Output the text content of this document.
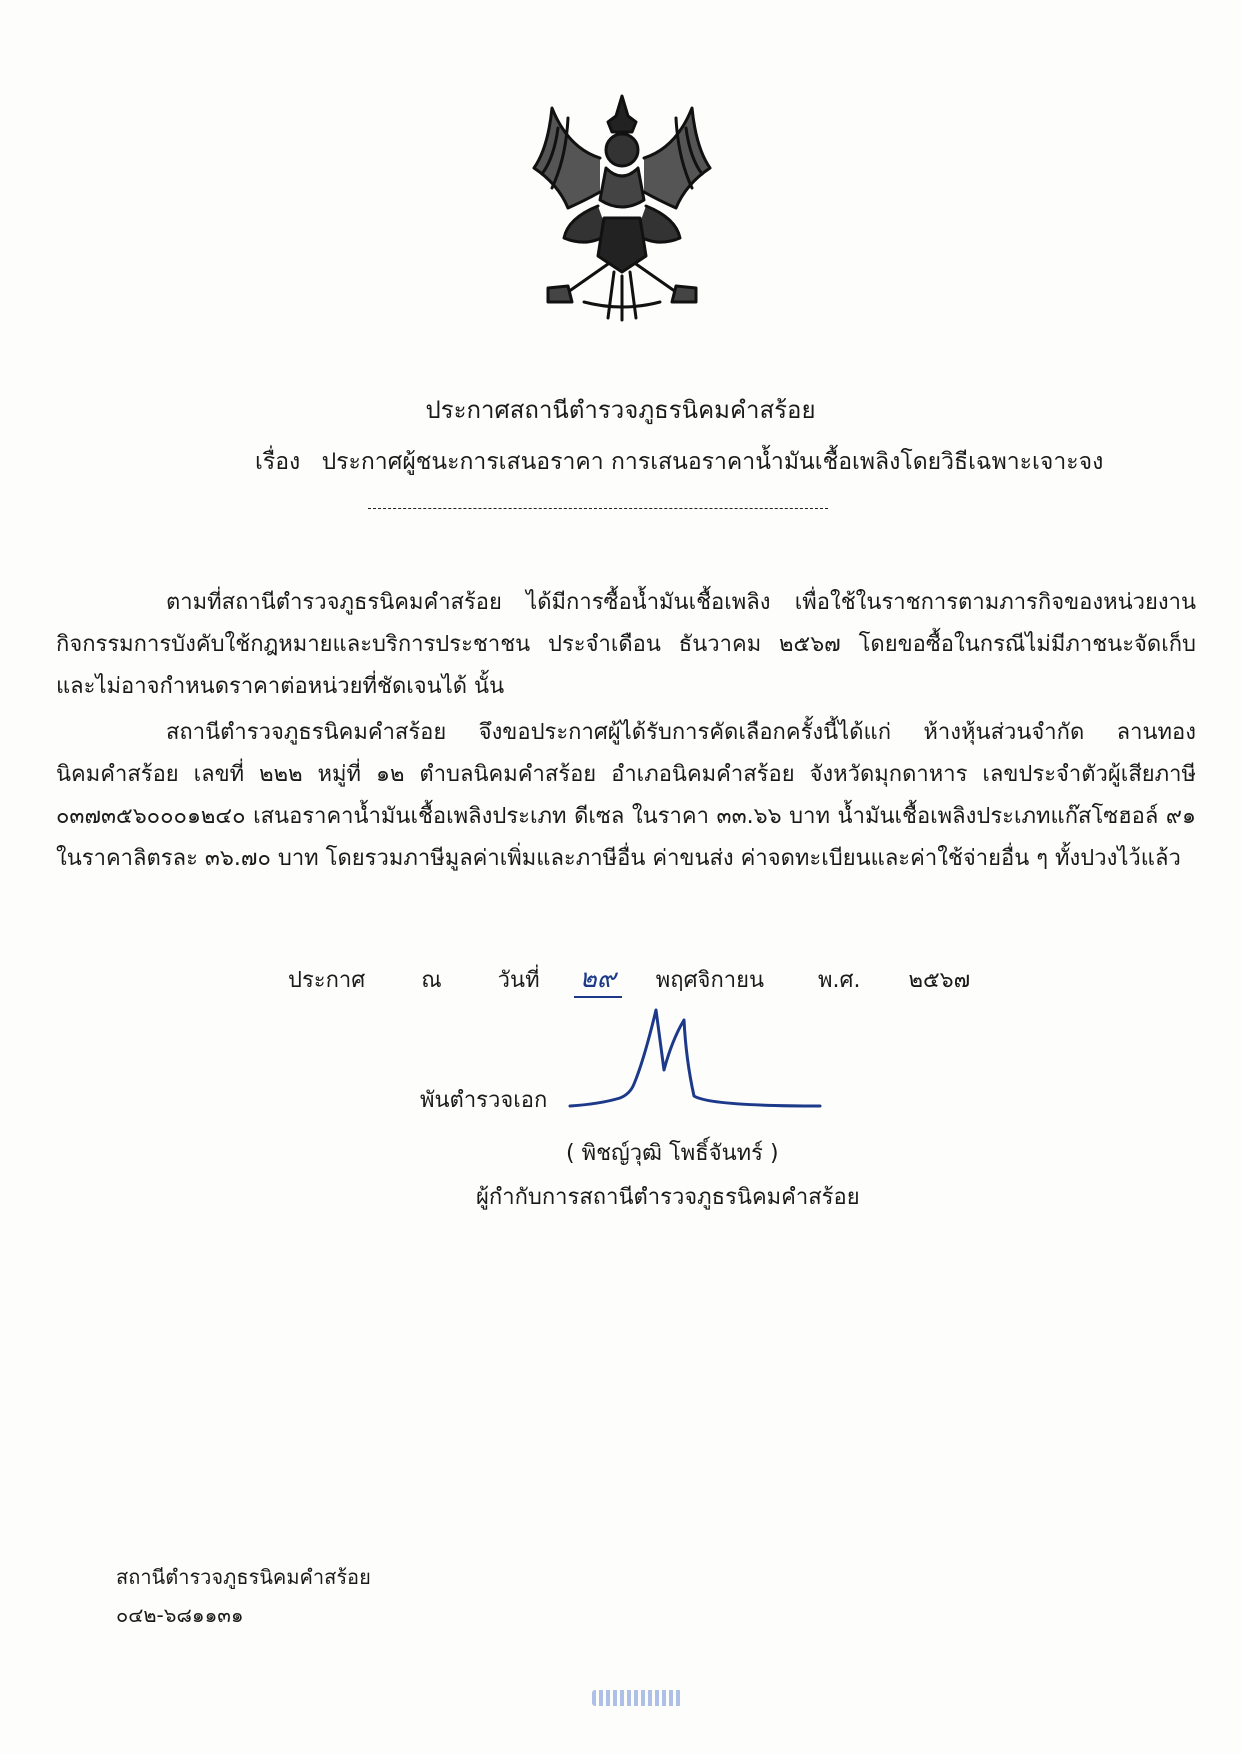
ประกาศสถานีตำรวจภูธรนิคมคำสร้อย
เรื่อง ประกาศผู้ชนะการเสนอราคา การเสนอราคาน้ำมันเชื้อเพลิงโดยวิธีเฉพาะเจาะจง

ตามที่สถานีตำรวจภูธรนิคมคำสร้อย ได้มีการซื้อน้ำมันเชื้อเพลิง เพื่อใช้ในราชการตามภารกิจของหน่วยงาน กิจกรรมการบังคับใช้กฎหมายและบริการประชาชน ประจำเดือน ธันวาคม ๒๕๖๗ โดยขอซื้อในกรณีไม่มีภาชนะจัดเก็บ และไม่อาจกำหนดราคาต่อหน่วยที่ชัดเจนได้ นั้น

สถานีตำรวจภูธรนิคมคำสร้อย จึงขอประกาศผู้ได้รับการคัดเลือกครั้งนี้ได้แก่ ห้างหุ้นส่วนจำกัด ลานทองนิคมคำสร้อย เลขที่ ๒๒๒ หมู่ที่ ๑๒ ตำบลนิคมคำสร้อย อำเภอนิคมคำสร้อย จังหวัดมุกดาหาร เลขประจำตัวผู้เสียภาษี ๐๓๗๓๕๖๐๐๐๑๒๔๐ เสนอราคาน้ำมันเชื้อเพลิงประเภท ดีเซล ในราคา ๓๓.๖๖ บาท น้ำมันเชื้อเพลิงประเภทแก๊สโซฮอล์ ๙๑ ในราคาลิตรละ ๓๖.๗๐ บาท โดยรวมภาษีมูลค่าเพิ่มและภาษีอื่น ค่าขนส่ง ค่าจดทะเบียนและค่าใช้จ่ายอื่น ๆ ทั้งปวงไว้แล้ว

ประกาศ	ณ	วันที่ ๒๙ พฤศจิกายน พ.ศ. ๒๕๖๗
พันตำรวจเอก
( พิชญ์วุฒิ โพธิ์จันทร์ )
ผู้กำกับการสถานีตำรวจภูธรนิคมคำสร้อย
สถานีตำรวจภูธรนิคมคำสร้อย
๐๔๒-๖๘๑๑๓๑
